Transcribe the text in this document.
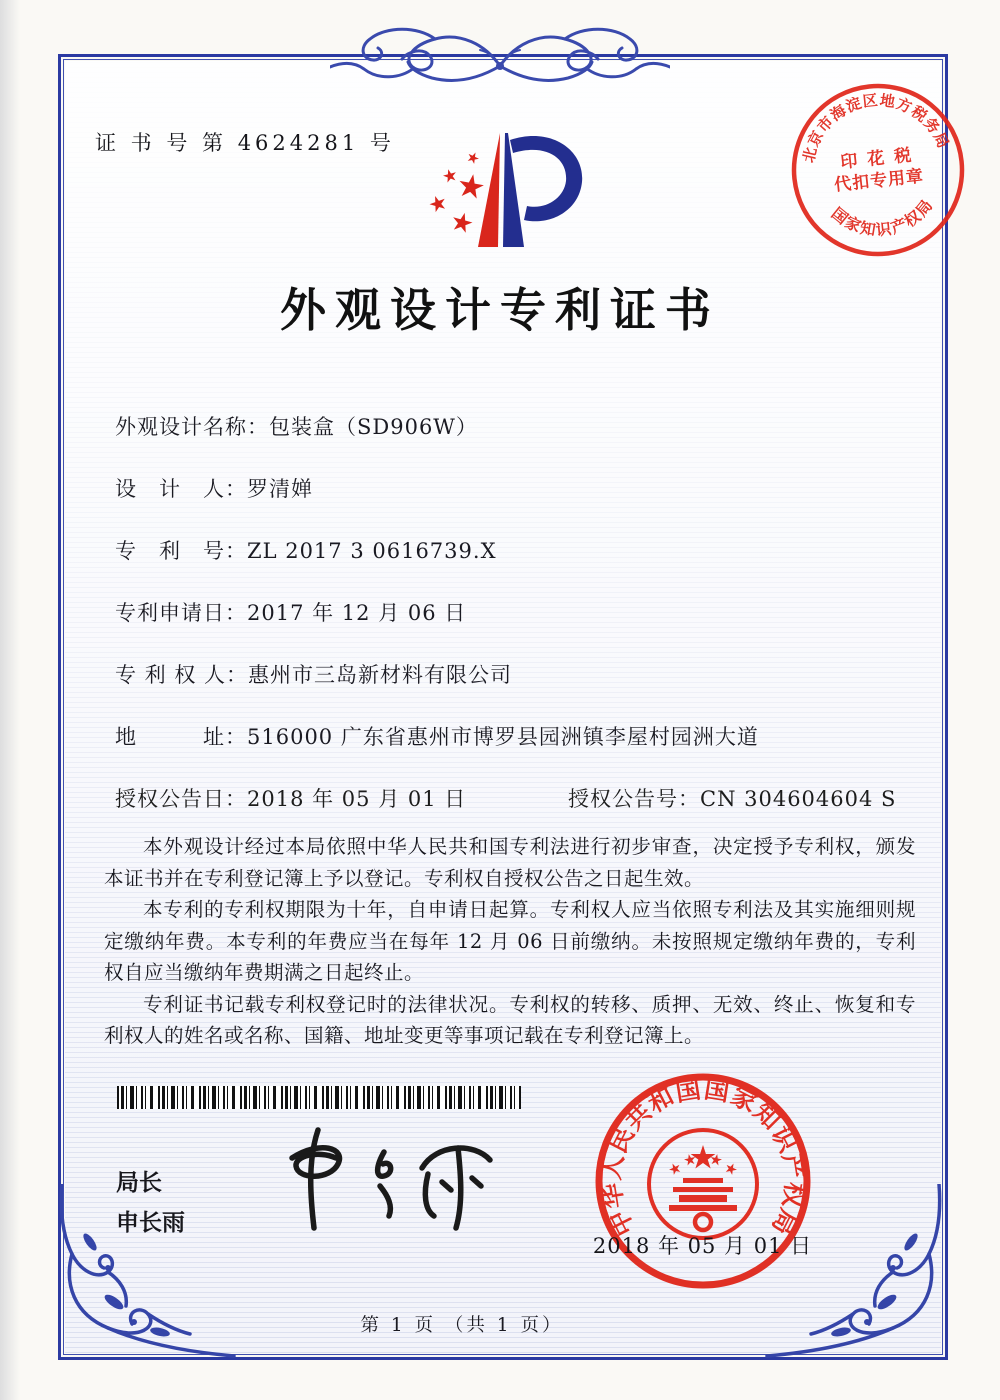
证 书 号 第 4624281 号	北京市海淀区地方税务局
国家知识产权局
印 花 税
代扣专用章
外观设计专利证书
外观设计名称：包装盒（SD906W）
设　计　人：罗清婵
专　利　号：ZL 2017 3 0616739.X
专利申请日：2017 年 12 月 06 日
专 利 权 人：惠州市三岛新材料有限公司
地　　　址：516000 广东省惠州市博罗县园洲镇李屋村园洲大道
授权公告日：2018 年 05 月 01 日	授权公告号：CN 304604604 S

本外观设计经过本局依照中华人民共和国专利法进行初步审查，决定授予专利权，颁发本证书并在专利登记簿上予以登记。专利权自授权公告之日起生效。

本专利的专利权期限为十年，自申请日起算。专利权人应当依照专利法及其实施细则规定缴纳年费。本专利的年费应当在每年 12 月 06 日前缴纳。未按照规定缴纳年费的，专利权自应当缴纳年费期满之日起终止。

专利证书记载专利权登记时的法律状况。专利权的转移、质押、无效、终止、恢复和专利权人的姓名或名称、国籍、地址变更等事项记载在专利登记簿上。

局长
申长雨	中华人民共和国国家知识产权局
2018 年 05 月 01 日
第 1 页 （共 1 页）
